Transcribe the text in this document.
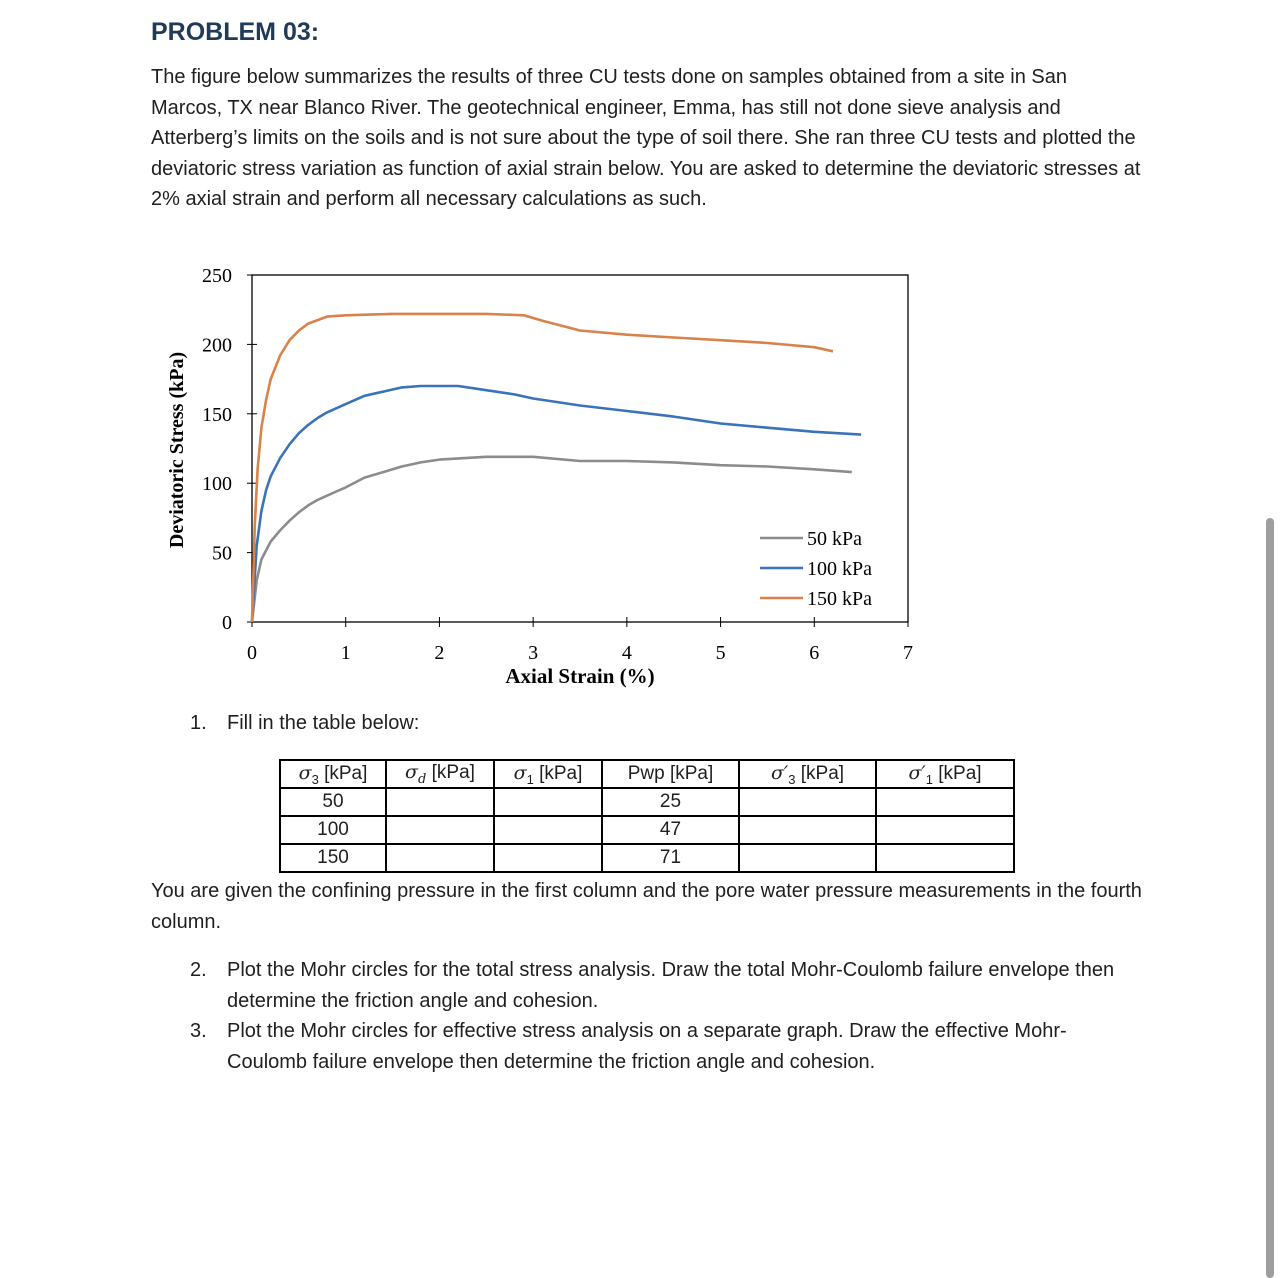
PROBLEM 03:
The figure below summarizes the results of three CU tests done on samples obtained from a site in San Marcos, TX near Blanco River. The geotechnical engineer, Emma, has still not done sieve analysis and Atterberg’s limits on the soils and is not sure about the type of soil there. She ran three CU tests and plotted the deviatoric stress variation as function of axial strain below. You are asked to determine the deviatoric stresses at 2% axial strain and perform all necessary calculations as such.
0
50
100
150
200
250
0	1	2	3	4	5	6	7
Axial Strain (%)
Deviatoric Stress (kPa)	50 kPa
100 kPa
150 kPa
1. Fill in the table below:
$\sigma_3$ [kPa]	$\sigma_d$ [kPa]	$\sigma_1$ [kPa]	Pwp [kPa]	$\sigma'_3$ [kPa]	$\sigma'_1$ [kPa]
50			25		
100			47		
150			71		
You are given the confining pressure in the first column and the pore water pressure measurements in the fourth column.
2.	Plot the Mohr circles for the total stress analysis. Draw the total Mohr-Coulomb failure envelope then determine the friction angle and cohesion.
3.	Plot the Mohr circles for effective stress analysis on a separate graph. Draw the effective Mohr-Coulomb failure envelope then determine the friction angle and cohesion.
